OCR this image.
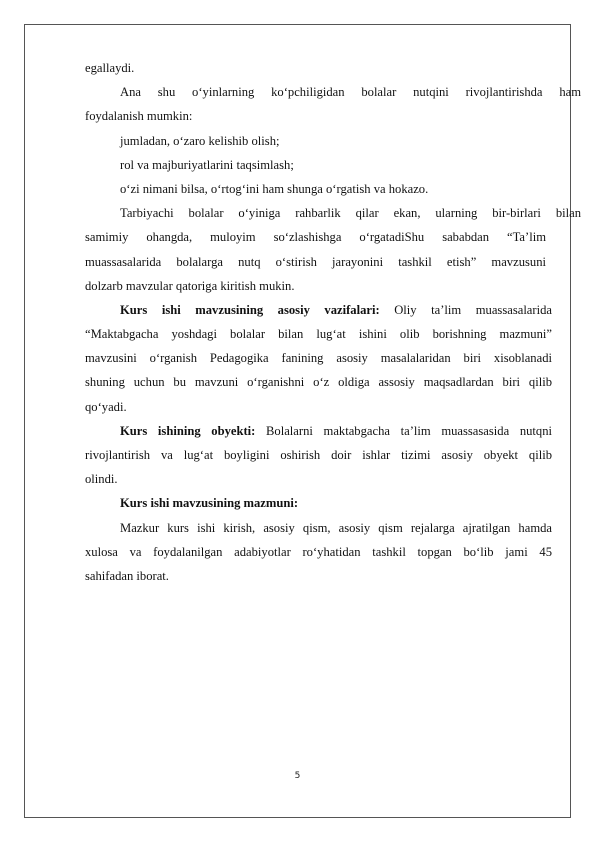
egallaydi.
Ana shu o‘yinlarning ko‘pchiligidan bolalar nutqini rivojlantirishda ham
foydalanish mumkin:
jumladan, o‘zaro kelishib olish;
rol va majburiyatlarini taqsimlash;
o‘zi nimani bilsa, o‘rtog‘ini ham shunga o‘rgatish va hokazo.
Tarbiyachi bolalar o‘yiniga rahbarlik qilar ekan, ularning bir-birlari bilan
samimiy ohangda, muloyim so‘zlashishga o‘rgatadiShu sababdan “Ta’lim
muassasalarida bolalarga nutq o‘stirish jarayonini tashkil etish” mavzusuni
dolzarb mavzular qatoriga kiritish mukin.
Kurs ishi mavzusining asosiy vazifalari: Oliy ta’lim muassasalarida
“Maktabgacha yoshdagi bolalar bilan lug‘at ishini olib borishning mazmuni”
mavzusini o‘rganish Pedagogika fanining asosiy masalalaridan biri xisoblanadi
shuning uchun bu mavzuni o‘rganishni o‘z oldiga assosiy maqsadlardan biri qilib
qo‘yadi.
Kurs ishining obyekti: Bolalarni maktabgacha ta’lim muassasasida nutqni
rivojlantirish va lug‘at boyligini oshirish doir ishlar tizimi asosiy obyekt qilib
olindi.
Kurs ishi mavzusining mazmuni:
Mazkur kurs ishi kirish, asosiy qism, asosiy qism rejalarga ajratilgan hamda
xulosa va foydalanilgan adabiyotlar ro‘yhatidan tashkil topgan bo‘lib jami 45
sahifadan iborat.
5
